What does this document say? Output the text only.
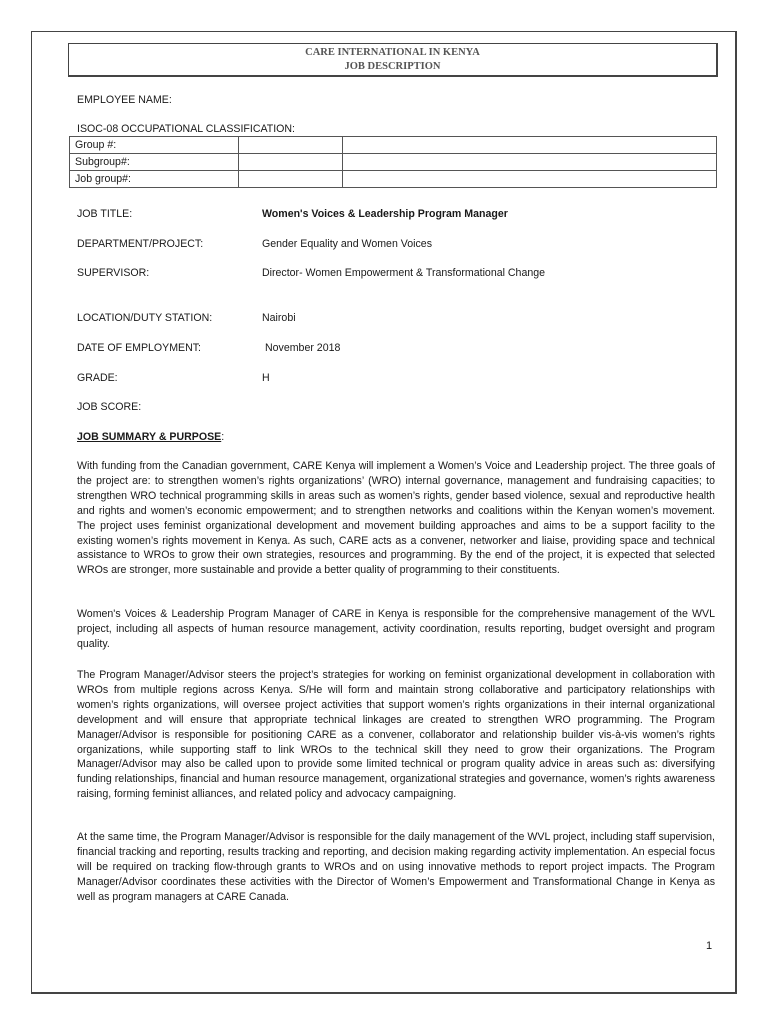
CARE INTERNATIONAL IN KENYA
JOB DESCRIPTION
EMPLOYEE NAME:
ISOC-08 OCCUPATIONAL CLASSIFICATION:
Group #:		
Subgroup#:		
Job group#:		
JOB TITLE:	Women's Voices & Leadership Program Manager
DEPARTMENT/PROJECT:	Gender Equality and Women Voices
SUPERVISOR:	Director- Women Empowerment & Transformational Change
LOCATION/DUTY STATION:	Nairobi
DATE OF EMPLOYMENT:	November 2018
GRADE:	H
JOB SCORE:
JOB SUMMARY & PURPOSE:

With funding from the Canadian government, CARE Kenya will implement a Women’s Voice and Leadership project. The three goals of the project are: to strengthen women’s rights organizations’ (WRO) internal governance, management and fundraising capacities; to strengthen WRO technical programming skills in areas such as women’s rights, gender based violence, sexual and reproductive health and rights and women’s economic empowerment; and to strengthen networks and coalitions within the Kenyan women’s movement. The project uses feminist organizational development and movement building approaches and aims to be a support facility to the existing women’s rights movement in Kenya. As such, CARE acts as a convener, networker and liaise, providing space and technical assistance to WROs to grow their own strategies, resources and programming. By the end of the project, it is expected that selected WROs are stronger, more sustainable and provide a better quality of programming to their constituents.

Women's Voices & Leadership Program Manager of CARE in Kenya is responsible for the comprehensive management of the WVL project, including all aspects of human resource management, activity coordination, results reporting, budget oversight and program quality.

The Program Manager/Advisor steers the project’s strategies for working on feminist organizational development in collaboration with WROs from multiple regions across Kenya. S/He will form and maintain strong collaborative and participatory relationships with women’s rights organizations, will oversee project activities that support women’s rights organizations in their internal organizational development and will ensure that appropriate technical linkages are created to strengthen WRO programming. The Program Manager/Advisor is responsible for positioning CARE as a convener, collaborator and relationship builder vis-à-vis women’s rights organizations, while supporting staff to link WROs to the technical skill they need to grow their organizations. The Program Manager/Advisor may also be called upon to provide some limited technical or program quality advice in areas such as: diversifying funding relationships, financial and human resource management, organizational strategies and governance, women’s rights awareness raising, forming feminist alliances, and related policy and advocacy campaigning.

At the same time, the Program Manager/Advisor is responsible for the daily management of the WVL project, including staff supervision, financial tracking and reporting, results tracking and reporting, and decision making regarding activity implementation. An especial focus will be required on tracking flow-through grants to WROs and on using innovative methods to report project impacts. The Program Manager/Advisor coordinates these activities with the Director of Women’s Empowerment and Transformational Change in Kenya as well as program managers at CARE Canada.

1
